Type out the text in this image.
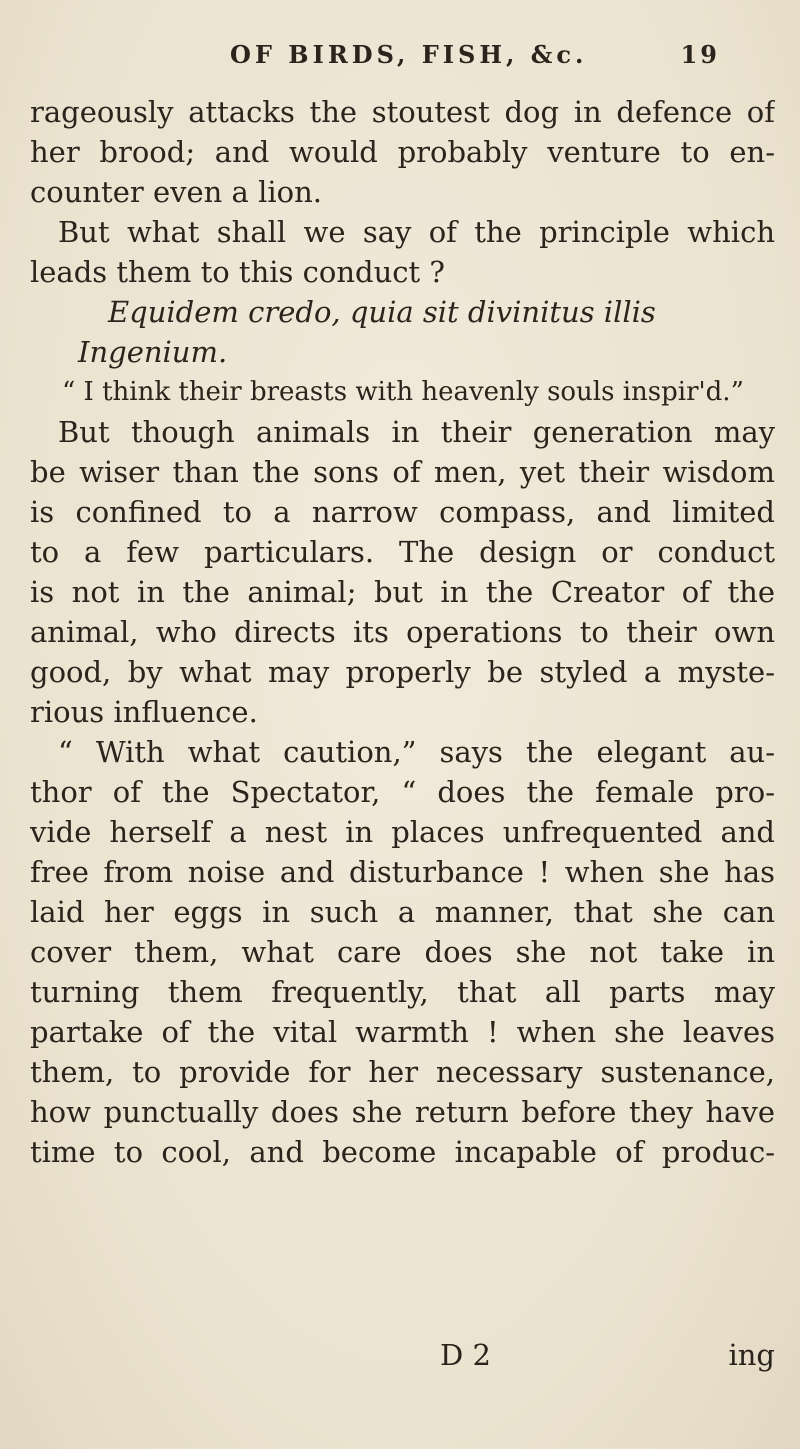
OF BIRDS, FISH, &c.	19
rageously attacks the stoutest dog in defence of
her brood; and would probably venture to en-
counter even a lion.
But what shall we say of the principle which
leads them to this conduct ?
Equidem credo, quia sit divinitus illis
Ingenium.
“ I think their breasts with heavenly souls inspir'd.”
But though animals in their generation may
be wiser than the sons of men, yet their wisdom
is confined to a narrow compass, and limited
to a few particulars. The design or conduct
is not in the animal; but in the Creator of the
animal, who directs its operations to their own
good, by what may properly be styled a myste-
rious influence.
“ With what caution,” says the elegant au-
thor of the Spectator, “ does the female pro-
vide herself a nest in places unfrequented and
free from noise and disturbance ! when she has
laid her eggs in such a manner, that she can
cover them, what care does she not take in
turning them frequently, that all parts may
partake of the vital warmth ! when she leaves
them, to provide for her necessary sustenance,
how punctually does she return before they have
time to cool, and become incapable of produc-
D 2	ing
